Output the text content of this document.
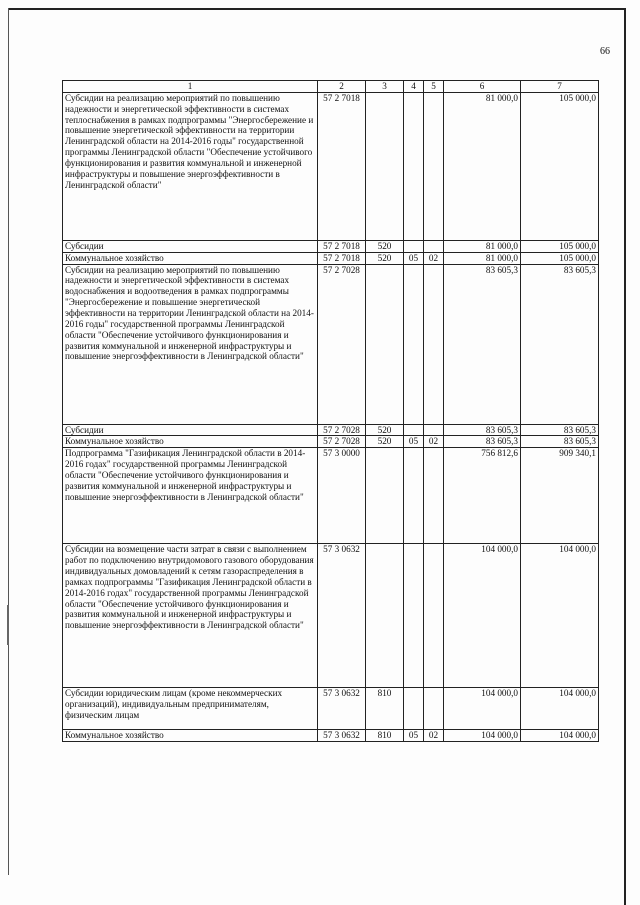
66
1	2	3	4	5	6	7
Субсидии на реализацию мероприятий по повышению надежности и энергетической эффективности в системах теплоснабжения в рамках подпрограммы "Энергосбережение и повышение энергетической эффективности на территории Ленинградской области на 2014-2016 годы" государственной программы Ленинградской области "Обеспечение устойчивого функционирования и развития коммунальной и инженерной инфраструктуры и повышение энергоэффективности в Ленинградской области"	57 2 7018				81 000,0	105 000,0
Субсидии	57 2 7018	520			81 000,0	105 000,0
Коммунальное хозяйство	57 2 7018	520	05	02	81 000,0	105 000,0
Субсидии на реализацию мероприятий по повышению надежности и энергетической эффективности в системах водоснабжения и водоотведения в рамках подпрограммы "Энергосбережение и повышение энергетической эффективности на территории Ленинградской области на 2014-2016 годы" государственной программы Ленинградской области "Обеспечение устойчивого функционирования и развития коммунальной и инженерной инфраструктуры и повышение энергоэффективности в Ленинградской области"	57 2 7028				83 605,3	83 605,3
Субсидии	57 2 7028	520			83 605,3	83 605,3
Коммунальное хозяйство	57 2 7028	520	05	02	83 605,3	83 605,3
Подпрограмма "Газификация Ленинградской области в 2014-2016 годах" государственной программы Ленинградской области "Обеспечение устойчивого функционирования и развития коммунальной и инженерной инфраструктуры и повышение энергоэффективности в Ленинградской области"	57 3 0000				756 812,6	909 340,1
Субсидии на возмещение части затрат в связи с выполнением работ по подключению внутридомового газового оборудования индивидуальных домовладений к сетям газораспределения в рамках подпрограммы "Газификация Ленинградской области в 2014-2016 годах" государственной программы Ленинградской области "Обеспечение устойчивого функционирования и развития коммунальной и инженерной инфраструктуры и повышение энергоэффективности в Ленинградской области"	57 3 0632				104 000,0	104 000,0
Субсидии юридическим лицам (кроме некоммерческих организаций), индивидуальным предпринимателям, физическим лицам	57 3 0632	810			104 000,0	104 000,0
Коммунальное хозяйство	57 3 0632	810	05	02	104 000,0	104 000,0
